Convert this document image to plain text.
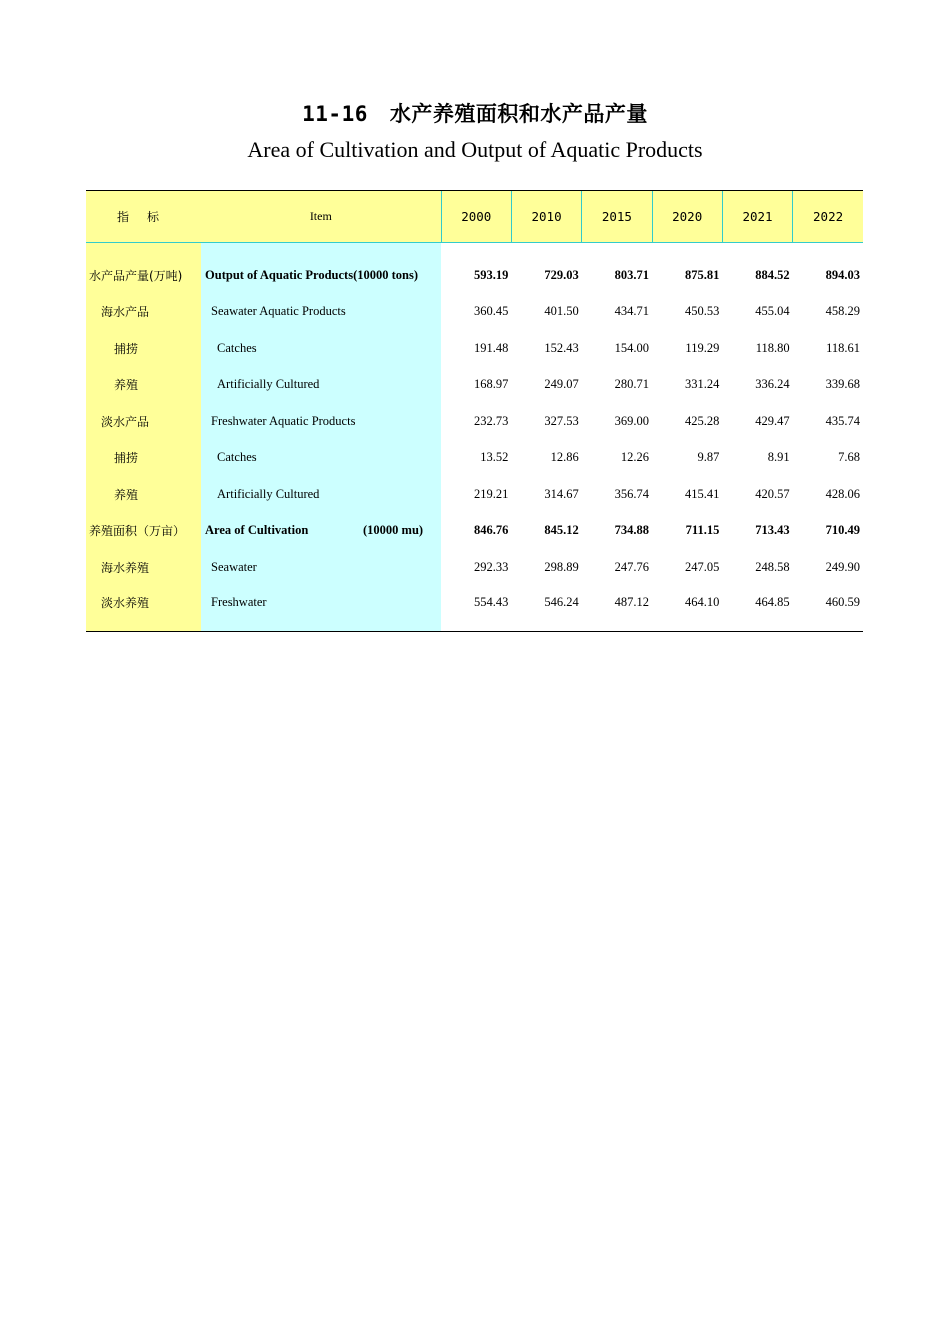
11-16 水产养殖面积和水产品产量
Area of Cultivation and Output of Aquatic Products
指标	Item	2000	2010	2015	2020	2021	2022
水产品产量(万吨)	Output of Aquatic Products(10000 tons)	593.19	729.03	803.71	875.81	884.52	894.03
海水产品	Seawater Aquatic Products	360.45	401.50	434.71	450.53	455.04	458.29
捕捞	Catches	191.48	152.43	154.00	119.29	118.80	118.61
养殖	Artificially Cultured	168.97	249.07	280.71	331.24	336.24	339.68
淡水产品	Freshwater Aquatic Products	232.73	327.53	369.00	425.28	429.47	435.74
捕捞	Catches	13.52	12.86	12.26	9.87	8.91	7.68
养殖	Artificially Cultured	219.21	314.67	356.74	415.41	420.57	428.06
养殖面积（万亩）	Area of Cultivation (10000 mu)	846.76	845.12	734.88	711.15	713.43	710.49
海水养殖	Seawater	292.33	298.89	247.76	247.05	248.58	249.90
淡水养殖	Freshwater	554.43	546.24	487.12	464.10	464.85	460.59
